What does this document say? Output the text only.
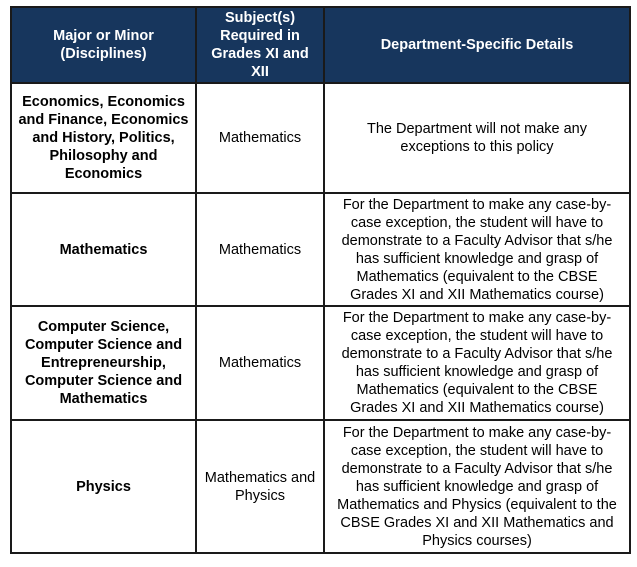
Major or Minor (Disciplines)	Subject(s) Required in Grades XI and XII	Department-Specific Details
Economics, Economics and Finance, Economics and History, Politics, Philosophy and Economics	Mathematics	The Department will not make any exceptions to this policy
Mathematics	Mathematics	For the Department to make any case-by-case exception, the student will have to demonstrate to a Faculty Advisor that s/he has sufficient knowledge and grasp of Mathematics (equivalent to the CBSE Grades XI and XII Mathematics course)
Computer Science, Computer Science and Entrepreneurship, Computer Science and Mathematics	Mathematics	For the Department to make any case-by-case exception, the student will have to demonstrate to a Faculty Advisor that s/he has sufficient knowledge and grasp of Mathematics (equivalent to the CBSE Grades XI and XII Mathematics course)
Physics	Mathematics and Physics	For the Department to make any case-by-case exception, the student will have to demonstrate to a Faculty Advisor that s/he has sufficient knowledge and grasp of Mathematics and Physics (equivalent to the CBSE Grades XI and XII Mathematics and Physics courses)
